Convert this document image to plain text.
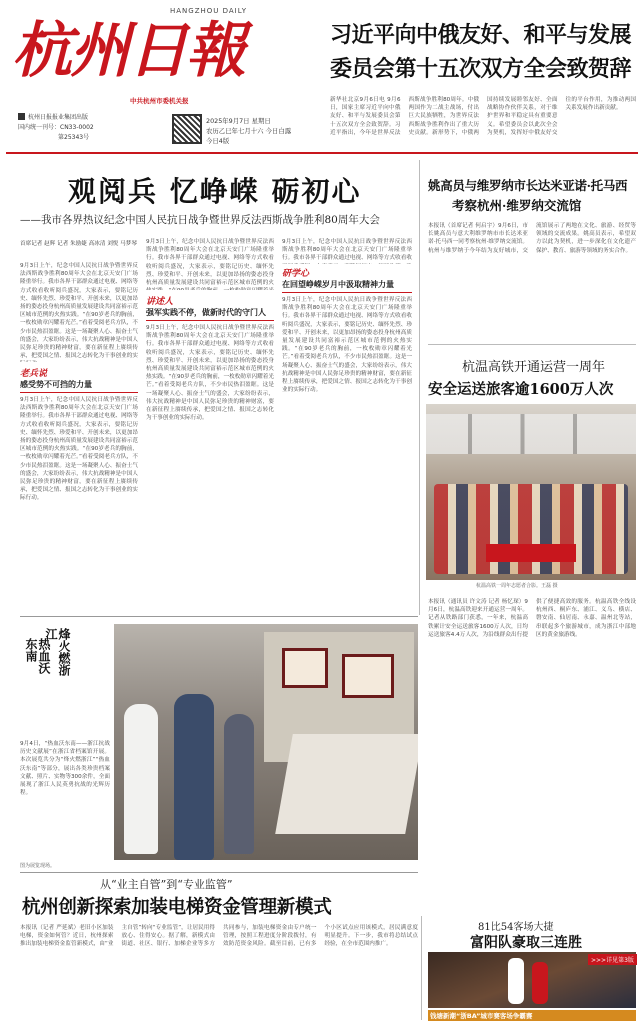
HANGZHOU DAILY
杭州日報
中共杭州市委机关报
杭州日报报业集团出版
国内统一刊号：CN33-0002
第25343号
2025年9月7日 星期日
农历乙巳年七月十六 今日白露
今日4版
习近平向中俄友好、和平与发展
委员会第十五次双方全会致贺辞
新华社北京9月6日电 9月6日，国家主席习近平向中俄友好、和平与发展委员会第十五次双方全会致贺辞。习近平指出，今年是世界反法西斯战争胜利80周年。中俄两国作为二战主战场，付出巨大民族牺牲，为世界反法西斯战争胜利作出了重大历史贡献。新形势下，中俄两国持续发展睦邻友好、全面战略协作伙伴关系，对于维护世界和平稳定具有重要意义。希望委员会以此次全会为契机，发挥好中俄友好交往的平台作用，为推动两国关系发展作出新贡献。
观阅兵 忆峥嵘 砺初心
——我市各界热议纪念中国人民抗日战争暨世界反法西斯战争胜利80周年大会
首席记者 赵辉 记者 朱励婕 高冰清 刘悦 马梦琴
9月3日上午，纪念中国人民抗日战争暨世界反法西斯战争胜利80周年大会在北京天安门广场隆重举行。我市各界干部群众通过电视、网络等方式收看收听阅兵盛况，大家表示，要铭记历史、缅怀先烈、珍爱和平、开创未来，以更加昂扬的姿态投身杭州高质量发展建设共同富裕示范区城市范例的火热实践。“在90岁老兵的胸前，一枚枚勋章闪耀着光芒。”看着受阅老兵方队，不少市民热泪盈眶。这是一场凝聚人心、振奋士气的盛会，大家纷纷表示，伟大抗战精神是中国人民弥足珍贵的精神财富，要在新征程上赓续传承，把爱国之情、报国之志转化为干事创业的实
老兵说
感受势不可挡的力量
9月3日上午，纪念中国人民抗日战争暨世界反法西斯战争胜利80周年大会在北京天安门广场隆重举行。我市各界干部群众通过电视、网络等方式收看收听阅兵盛况，大家表示，要铭记历史、缅怀先烈、珍爱和平、开创未来，以更加昂扬的姿态投身杭州高质量发展建设共同富裕示范区城市范例的火热实践。“在90岁老兵的胸前，一枚枚勋章闪耀着光芒。”看着受阅老兵方队，不少市民热泪盈眶。这是一场凝聚人心、振奋士气的盛会，大家纷纷表示，伟大抗战精神是中国人民弥足珍贵的精神财富，要在新征程上赓续传承，把爱国之情、报国之志转化为干事创业的实际行动。
9月3日上午，纪念中国人民抗日战争暨世界反法西斯战争胜利80周年大会在北京天安门广场隆重举行。我市各界干部群众通过电视、网络等方式收看收听阅兵盛况，大家表示，要铭记历史、缅怀先烈、珍爱和平、开创未来，以更加昂扬的姿态投身杭州高质量发展建设共同富裕示范区城市范例的火
讲述人
强军实践不停，做新时代的守门人
9月3日上午，纪念中国人民抗日战争暨世界反法西斯战争胜利80周年大会在北京天安门广场隆重举行。我市各界干部群众通过电视、网络等方式收看收听阅兵盛况，大家表示，要铭记历史、缅怀先烈、珍爱和平、开创未来，以更加昂扬的姿态投身杭州高质量发展建设共同富裕示范区城市范例的火热实践。“在90岁老兵的胸前，一枚枚勋章闪耀着光芒。”看着受阅老兵方队，不少市民热泪盈眶。这是一场凝聚人心、振奋士气的盛会，大家纷纷表示，伟大抗战精神是中国人民弥足珍贵的精神财富，要在新征程上赓续传承，把爱国之情、报国之志转化为干事创业的实际行动。
9月3日上午，纪念中国人民抗日战争暨世界反法西斯战争胜利80周年大会在北京天安门广场隆重举行。我市各界干部群众通过电视、网络等方式收看收
研学心
在回望峥嵘岁月中汲取精神力量
9月3日上午，纪念中国人民抗日战争暨世界反法西斯战争胜利80周年大会在北京天安门广场隆重举行。我市各界干部群众通过电视、网络等方式收看收听阅兵盛况，大家表示，要铭记历史、缅怀先烈、珍爱和平、开创未来，以更加昂扬的姿态投身杭州高质量发展建设共同富裕示范区城市范例的火热实践。“在90岁老兵的胸前，一枚枚勋章闪耀着光芒。”看着受阅老兵方队，不少市民热泪盈眶。这是一场凝聚人心、振奋士气的盛会，大家纷纷表示，伟大抗战精神是中国人民弥足珍贵的精神财富，要在新征程上赓续传承，把爱国之情、报国之志转化为干事创业的实际行动。
姚高员与维罗纳市长达米亚诺·托马西
考察杭州·维罗纳交流馆
本报讯（首席记者 何启宇）9月6日，市长姚高员与意大利维罗纳市市长达米亚诺·托马西一同考察杭州·维罗纳交流馆。杭州与维罗纳于今年结为友好城市，交流馆展示了两地在文化、旅游、经贸等领域的交流成果。姚高员表示，希望双方以此为契机，进一步深化在文化遗产保护、教育、旅游等领域的务实合作。
杭温高铁开通运营一周年
安全运送旅客逾1600万人次
杭温高铁一周年志愿者合影。王磊 摄
本报讯（通讯员 许文涛 记者 杨忆琛）9月6日，杭温高铁迎来开通运营一周年。记者从铁路部门获悉，一年来，杭温高铁累计安全运送旅客1600万人次，日均运送旅客4.4万人次，为沿线群众出行提供了便捷高效的服务。杭温高铁全线设杭州西、桐庐东、浦江、义乌、横店、磐安南、仙居南、永嘉、温州北等站，串联起多个旅游城市，成为浙江中部地区的黄金旅游线。
烽火燃浙江
热血沃东南
9月4日，“热血沃东南——浙江抗战历史文献展”在浙江省档案馆开展。本次展览共分为“烽火燃浙江”“热血沃东南”等部分，展出各类珍贵档案文献、照片、实物等300余件，全面展现了浙江人民英勇抗战的光辉历程。
图为展览现场。
从“业主自管”到“专业监管”
杭州创新探索加装电梯资金管理新模式
本报讯（记者 严延斌）老旧小区加装电梯，资金如何管？近日，杭州探索推出加装电梯资金监管新模式，由“业主自管”转向“专业监管”，让居民用得放心、住得安心。据了解，新模式由街道、社区、银行、加梯企业等多方共同参与，加装电梯资金由专户统一管理，按照工程进度分阶段拨付，有效防范资金风险。截至目前，已有多个小区试点应用该模式，居民满意度明显提升。下一步，我市将总结试点经验，在全市范围内推广。
81比54客场大捷
富阳队豪取三连胜
>>>详见第3版
钱塘新潮“浙BA”城市赛客场争霸赛
